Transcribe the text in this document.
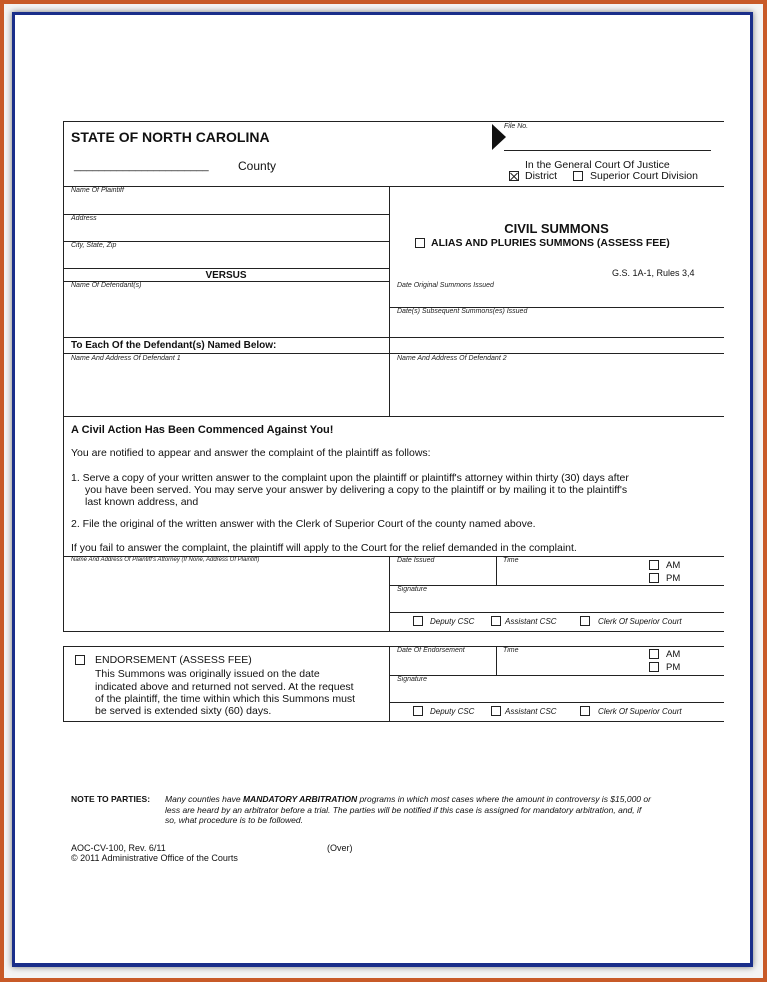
STATE OF NORTH CAROLINA
______________________ County
File No.
In the General Court Of Justice
District	Superior Court Division
Name Of Plaintiff
Address
City, State, Zip
VERSUS
Name Of Defendant(s)
CIVIL SUMMONS
ALIAS AND PLURIES SUMMONS (ASSESS FEE)
G.S. 1A-1, Rules 3,4
Date Original Summons Issued
Date(s) Subsequent Summons(es) Issued
To Each Of the Defendant(s) Named Below:
Name And Address Of Defendant 1	Name And Address Of Defendant 2
A Civil Action Has Been Commenced Against You!
You are notified to appear and answer the complaint of the plaintiff as follows:
1. Serve a copy of your written answer to the complaint upon the plaintiff or plaintiff's attorney within thirty (30) days after
you have been served. You may serve your answer by delivering a copy to the plaintiff or by mailing it to the plaintiff's
last known address, and
2. File the original of the written answer with the Clerk of Superior Court of the county named above.
If you fail to answer the complaint, the plaintiff will apply to the Court for the relief demanded in the complaint.
Name And Address Of Plaintiff's Attorney (If None, Address Of Plaintiff)	Date Issued	Time	AM
PM
Signature
Deputy CSC	Assistant CSC	Clerk Of Superior Court
ENDORSEMENT (ASSESS FEE)
This Summons was originally issued on the date
indicated above and returned not served. At the request
of the plaintiff, the time within which this Summons must
be served is extended sixty (60) days.
Date Of Endorsement	Time	AM
PM
Signature
Deputy CSC	Assistant CSC	Clerk Of Superior Court
NOTE TO PARTIES: Many counties have MANDATORY ARBITRATION programs in which most cases where the amount in controversy is $15,000 or
less are heard by an arbitrator before a trial. The parties will be notified if this case is assigned for mandatory arbitration, and, if
so, what procedure is to be followed.
AOC-CV-100, Rev. 6/11
© 2011 Administrative Office of the Courts
(Over)
